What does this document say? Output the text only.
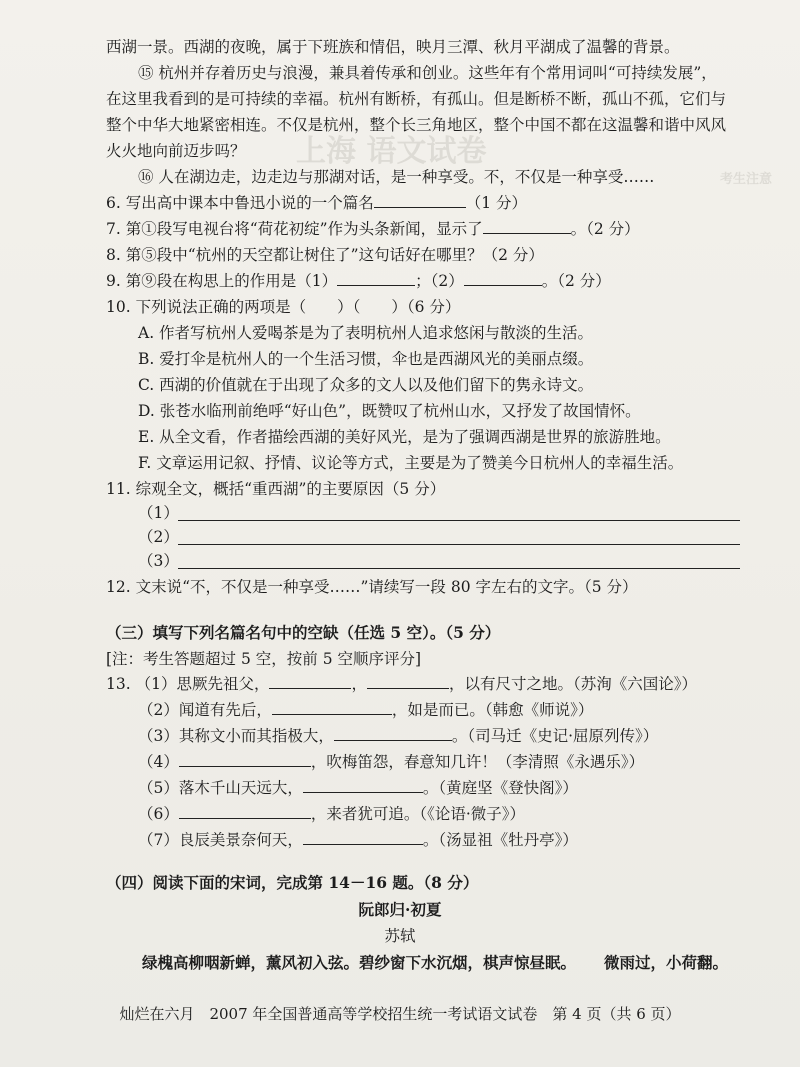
上海 语文试卷
考生注意
西湖一景。西湖的夜晚，属于下班族和情侣，映月三潭、秋月平湖成了温馨的背景。
⑮ 杭州并存着历史与浪漫，兼具着传承和创业。这些年有个常用词叫“可持续发展”，
在这里我看到的是可持续的幸福。杭州有断桥，有孤山。但是断桥不断，孤山不孤，它们与
整个中华大地紧密相连。不仅是杭州，整个长三角地区，整个中国不都在这温馨和谐中风风
火火地向前迈步吗？
⑯ 人在湖边走，边走边与那湖对话，是一种享受。不，不仅是一种享受……
6. 写出高中课本中鲁迅小说的一个篇名	（1 分）
7. 第①段写电视台将“荷花初绽”作为头条新闻，显示了	。（2 分）
8. 第⑤段中“杭州的天空都让树住了”这句话好在哪里？（2 分）
9. 第⑨段在构思上的作用是（1）	；（2）	。（2 分）
10. 下列说法正确的两项是（　　）（　　）（6 分）
A. 作者写杭州人爱喝茶是为了表明杭州人追求悠闲与散淡的生活。
B. 爱打伞是杭州人的一个生活习惯，伞也是西湖风光的美丽点缀。
C. 西湖的价值就在于出现了众多的文人以及他们留下的隽永诗文。
D. 张苍水临刑前绝呼“好山色”，既赞叹了杭州山水，又抒发了故国情怀。
E. 从全文看，作者描绘西湖的美好风光，是为了强调西湖是世界的旅游胜地。
F. 文章运用记叙、抒情、议论等方式，主要是为了赞美今日杭州人的幸福生活。
11. 综观全文，概括“重西湖”的主要原因（5 分）
（1）
（2）
（3）
12. 文末说“不，不仅是一种享受……”请续写一段 80 字左右的文字。（5 分）
（三）填写下列名篇名句中的空缺（任选 5 空）。（5 分）
[注：考生答题超过 5 空，按前 5 空顺序评分]
13. （1）思厥先祖父，	，	，以有尺寸之地。（苏洵《六国论》）
（2）闻道有先后，	，如是而已。（韩愈《师说》）
（3）其称文小而其指极大，	。（司马迁《史记·屈原列传》）
（4）	，吹梅笛怨，春意知几许！（李清照《永遇乐》）
（5）落木千山天远大，	。（黄庭坚《登快阁》）
（6）	，来者犹可追。（《论语·微子》）
（7）良辰美景奈何天，	。（汤显祖《牡丹亭》）
（四）阅读下面的宋词，完成第 14－16 题。（8 分）
阮郎归·初夏
苏轼
绿槐高柳咽新蝉，薰风初入弦。碧纱窗下水沉烟，棋声惊昼眠。 微雨过，小荷翻。
灿烂在六月　2007 年全国普通高等学校招生统一考试语文试卷　第 4 页（共 6 页）
